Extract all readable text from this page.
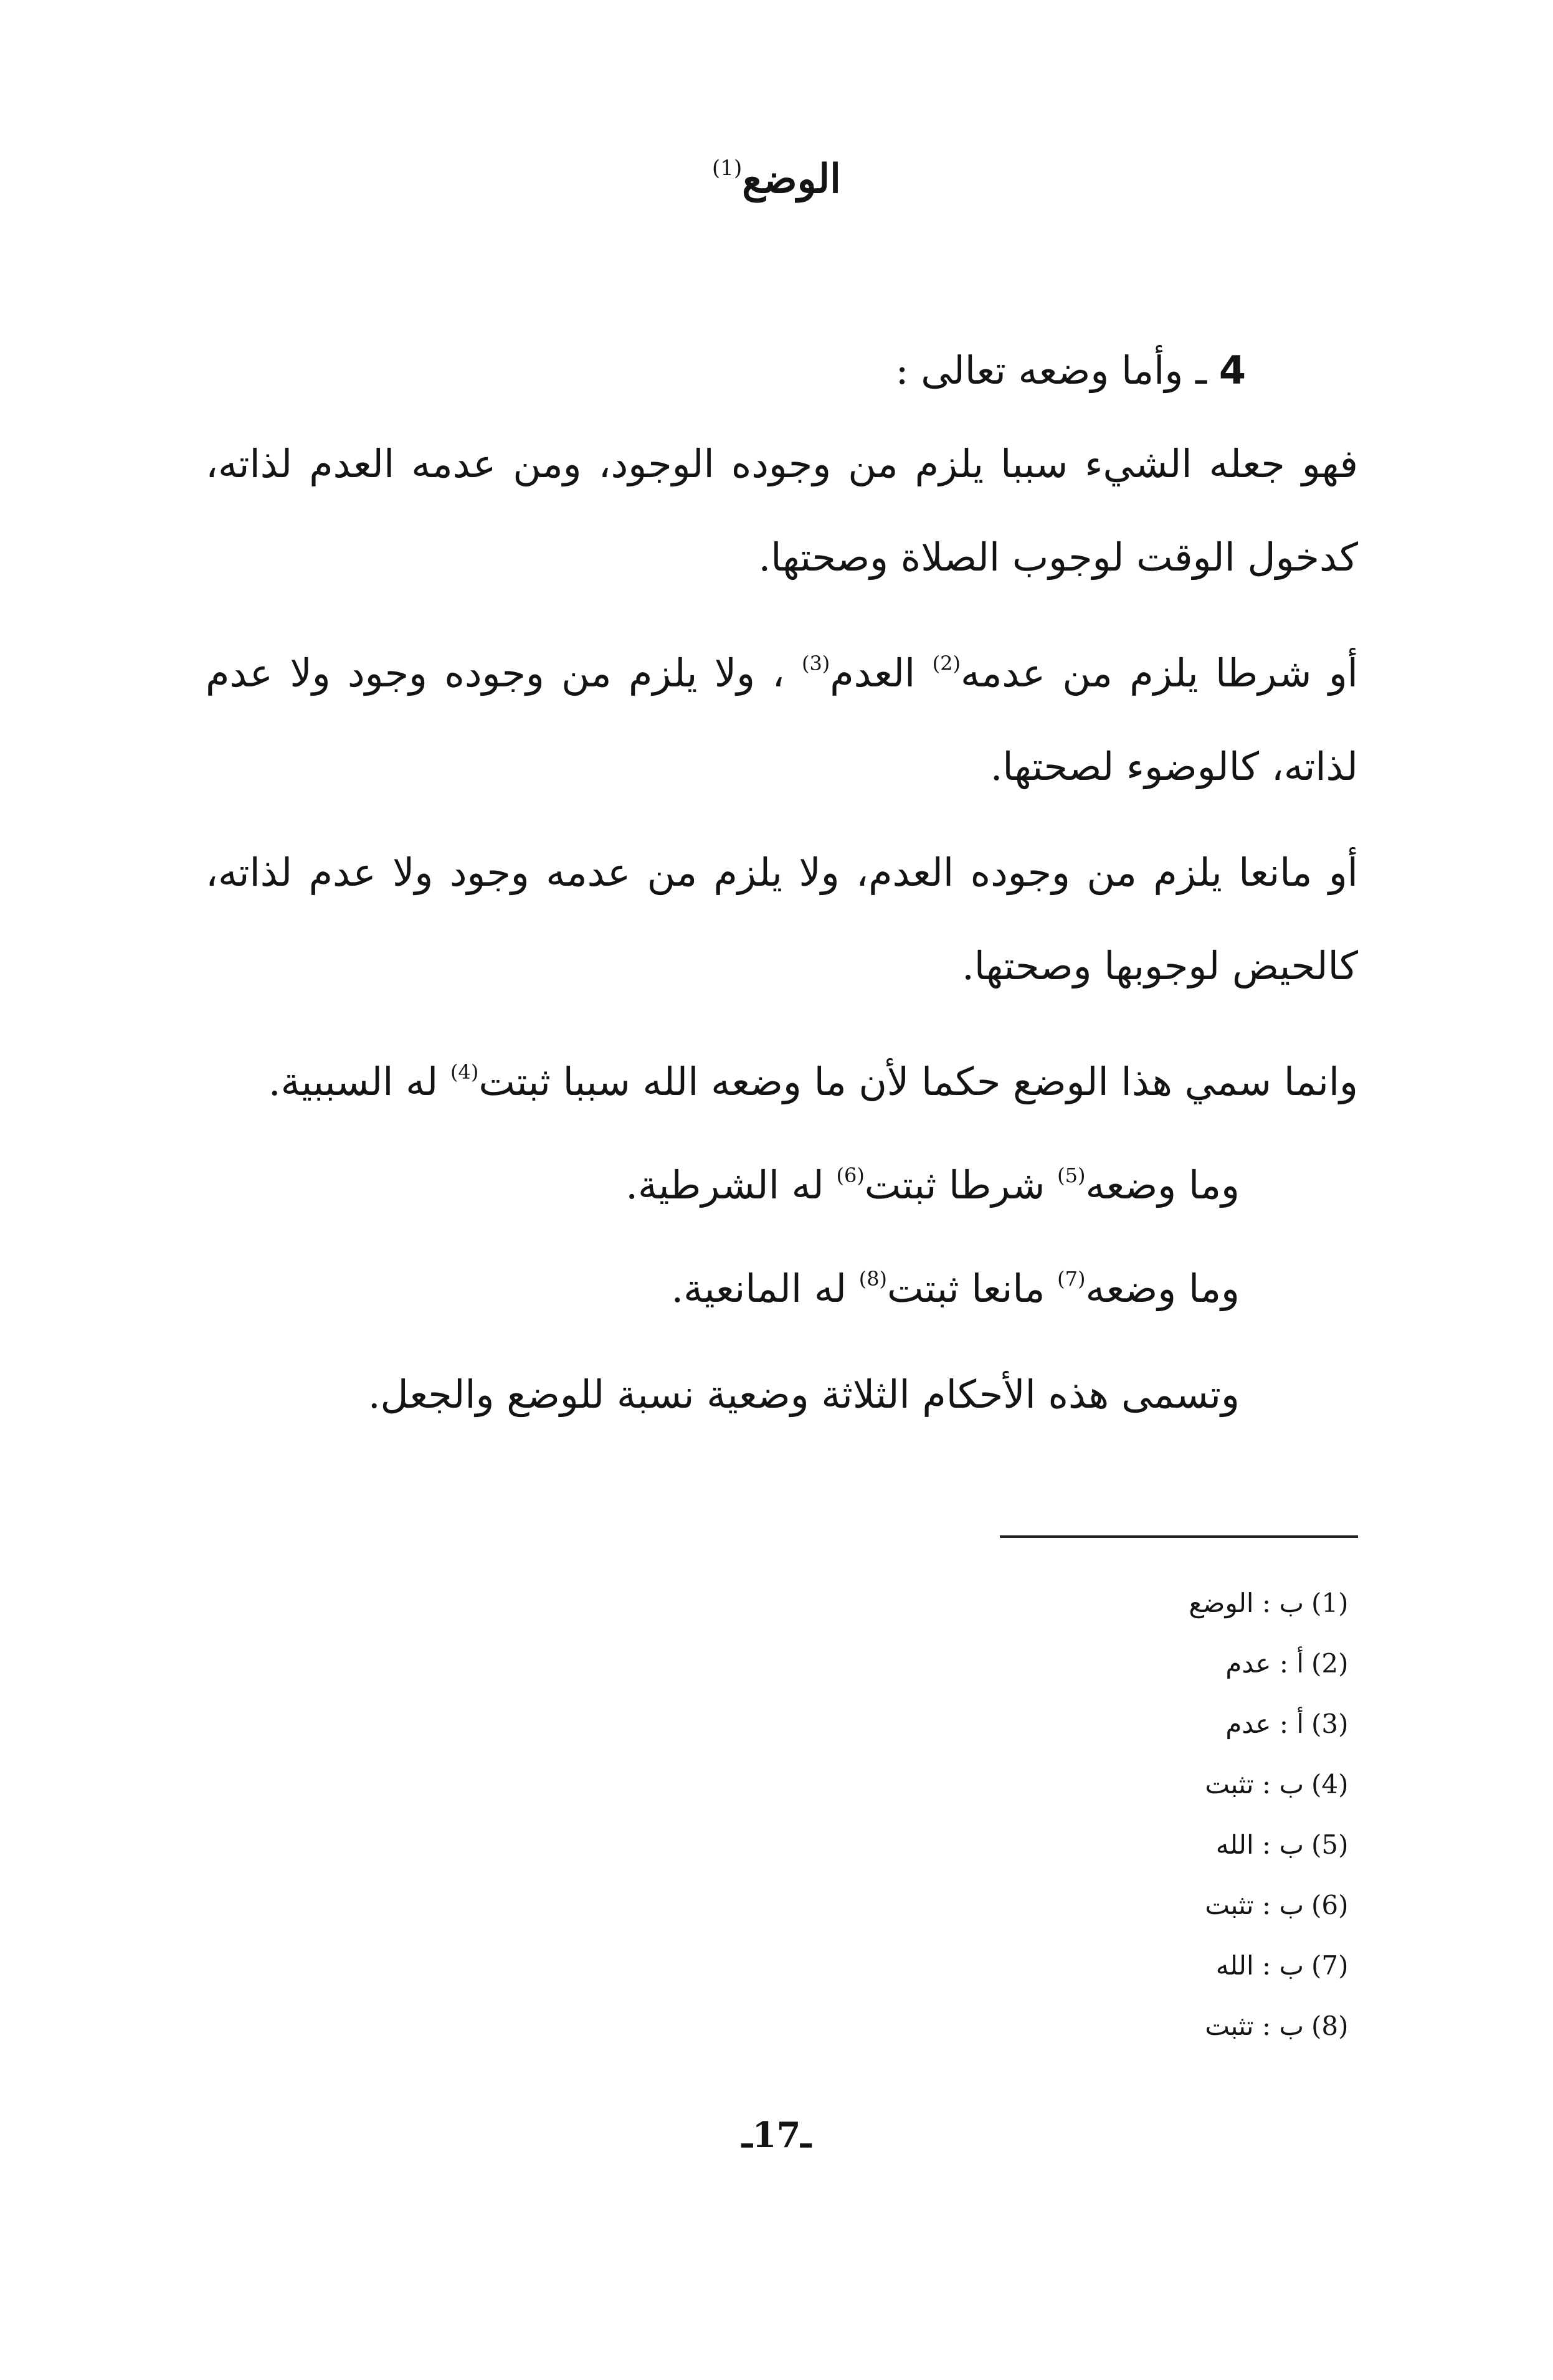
الوضع$^{(1)}$

4 ـ وأما وضعه تعالى :

فهو جعله الشيء سببا يلزم من وجوده الوجود، ومن عدمه العدم لذاته، كدخول الوقت لوجوب الصلاة وصحتها.

أو شرطا يلزم من عدمه$^{(2)}$ العدم$^{(3)}$ ، ولا يلزم من وجوده وجود ولا عدم لذاته، كالوضوء لصحتها.

أو مانعا يلزم من وجوده العدم، ولا يلزم من عدمه وجود ولا عدم لذاته، كالحيض لوجوبها وصحتها.

وانما سمي هذا الوضع حكما لأن ما وضعه الله سببا ثبتت$^{(4)}$ له السببية.

وما وضعه$^{(5)}$ شرطا ثبتت$^{(6)}$ له الشرطية.

وما وضعه$^{(7)}$ مانعا ثبتت$^{(8)}$ له المانعية.

وتسمى هذه الأحكام الثلاثة وضعية نسبة للوضع والجعل.

(1)
ب : الوضع
(2)
أ : عدم
(3)
أ : عدم
(4)
ب : تثبت
(5)
ب : الله
(6)
ب : تثبت
(7)
ب : الله
(8)
ب : تثبت
ـ17ـ
